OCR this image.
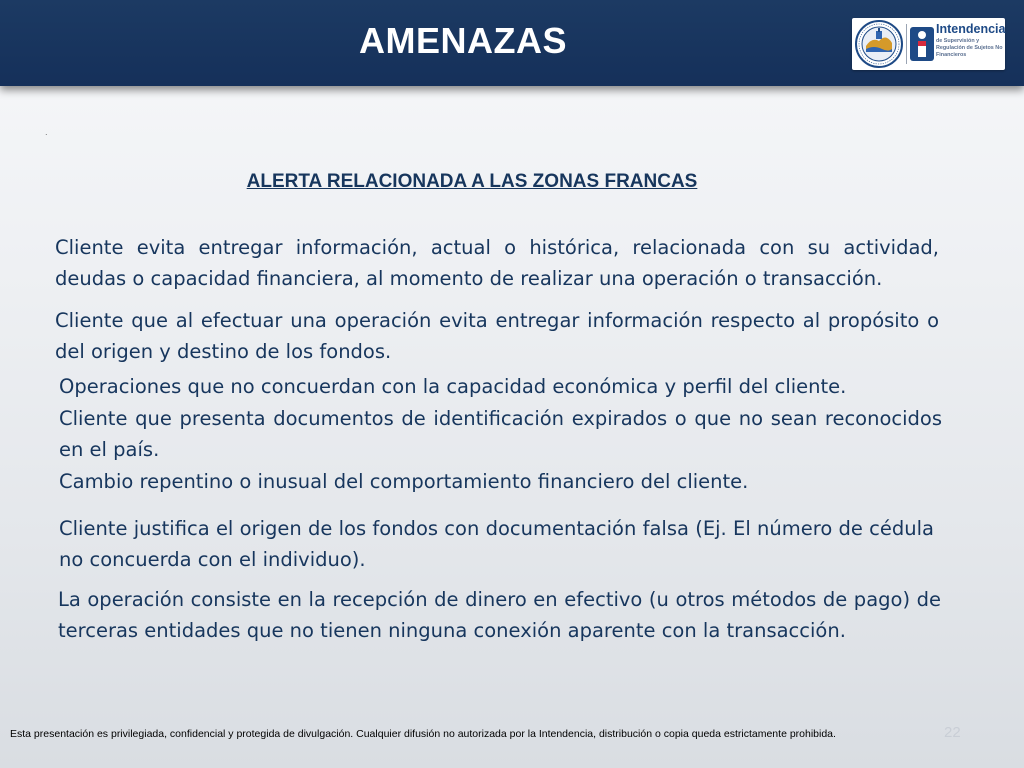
AMENAZAS	Intendencia
de Supervisión y Regulación de Sujetos No Financieros
.
ALERTA RELACIONADA A LAS ZONAS FRANCAS

Cliente evita entregar información, actual o histórica, relacionada con su actividad, deudas o capacidad financiera, al momento de realizar una operación o transacción.

Cliente que al efectuar una operación evita entregar información respecto al propósito o del origen y destino de los fondos.

Operaciones que no concuerdan con la capacidad económica y perfil del cliente.

Cliente que presenta documentos de identificación expirados o que no sean reconocidos en el país.

Cambio repentino o inusual del comportamiento financiero del cliente.

Cliente justifica el origen de los fondos con documentación falsa (Ej. El número de cédula no concuerda con el individuo).

La operación consiste en la recepción de dinero en efectivo (u otros métodos de pago) de terceras entidades que no tienen ninguna conexión aparente con la transacción.

Esta presentación es privilegiada, confidencial y protegida de divulgación. Cualquier difusión no autorizada por la Intendencia, distribución o copia queda estrictamente prohibida.	22
